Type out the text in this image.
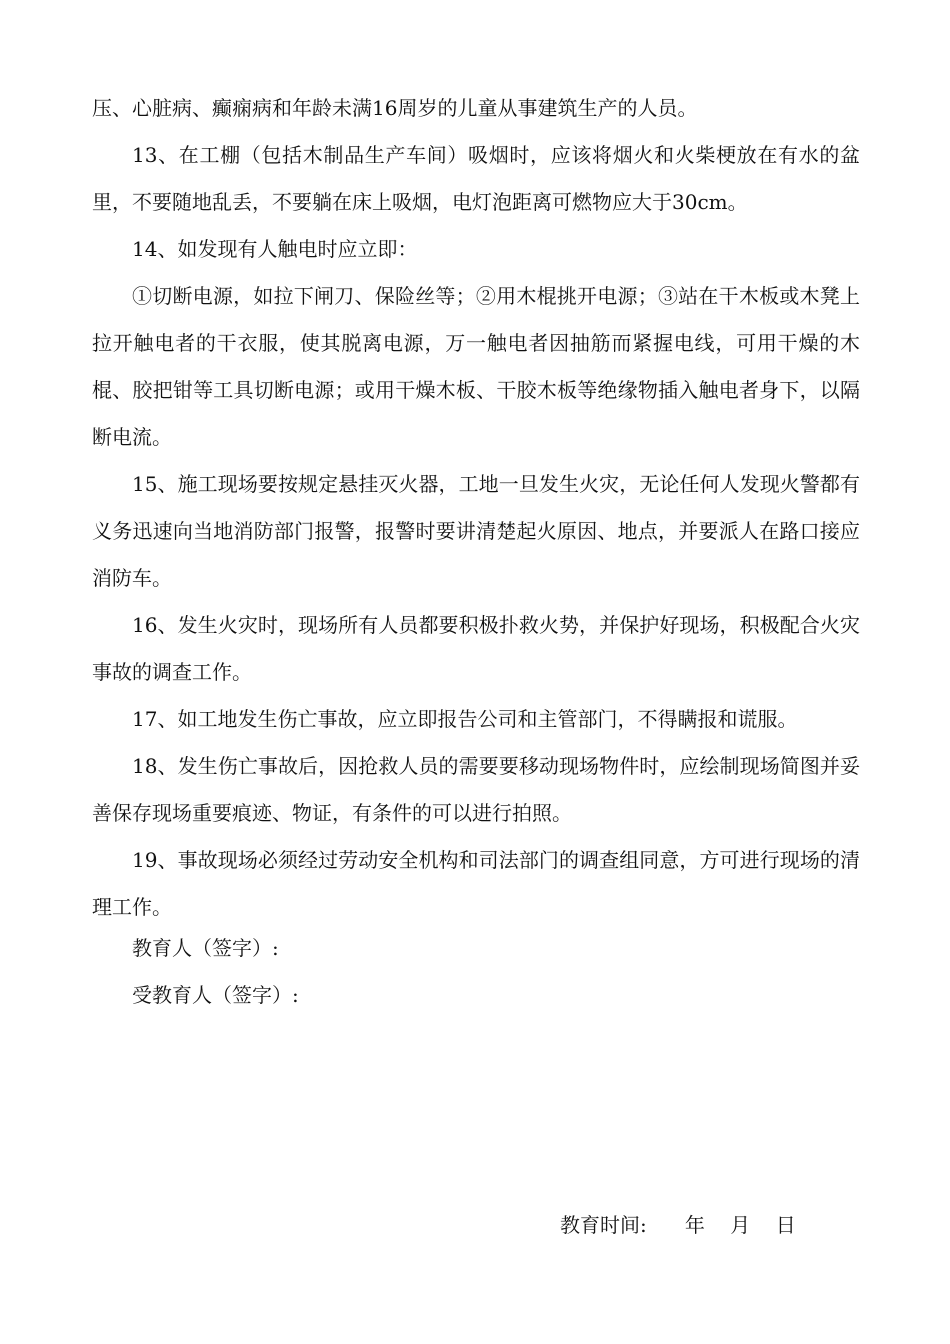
压、心脏病、癫痫病和年龄未满16周岁的儿童从事建筑生产的人员。

13、在工棚（包括木制品生产车间）吸烟时，应该将烟火和火柴梗放在有水的盆里，不要随地乱丢，不要躺在床上吸烟，电灯泡距离可燃物应大于30cm。

14、如发现有人触电时应立即：

①切断电源，如拉下闸刀、保险丝等；②用木棍挑开电源；③站在干木板或木凳上拉开触电者的干衣服，使其脱离电源，万一触电者因抽筋而紧握电线，可用干燥的木棍、胶把钳等工具切断电源；或用干燥木板、干胶木板等绝缘物插入触电者身下，以隔断电流。

15、施工现场要按规定悬挂灭火器，工地一旦发生火灾，无论任何人发现火警都有义务迅速向当地消防部门报警，报警时要讲清楚起火原因、地点，并要派人在路口接应消防车。

16、发生火灾时，现场所有人员都要积极扑救火势，并保护好现场，积极配合火灾事故的调查工作。

17、如工地发生伤亡事故，应立即报告公司和主管部门，不得瞒报和谎服。

18、发生伤亡事故后，因抢救人员的需要要移动现场物件时，应绘制现场简图并妥善保存现场重要痕迹、物证，有条件的可以进行拍照。

19、事故现场必须经过劳动安全机构和司法部门的调查组同意，方可进行现场的清理工作。

教育人（签字）:

受教育人（签字）:

教育时间:      年    月    日
